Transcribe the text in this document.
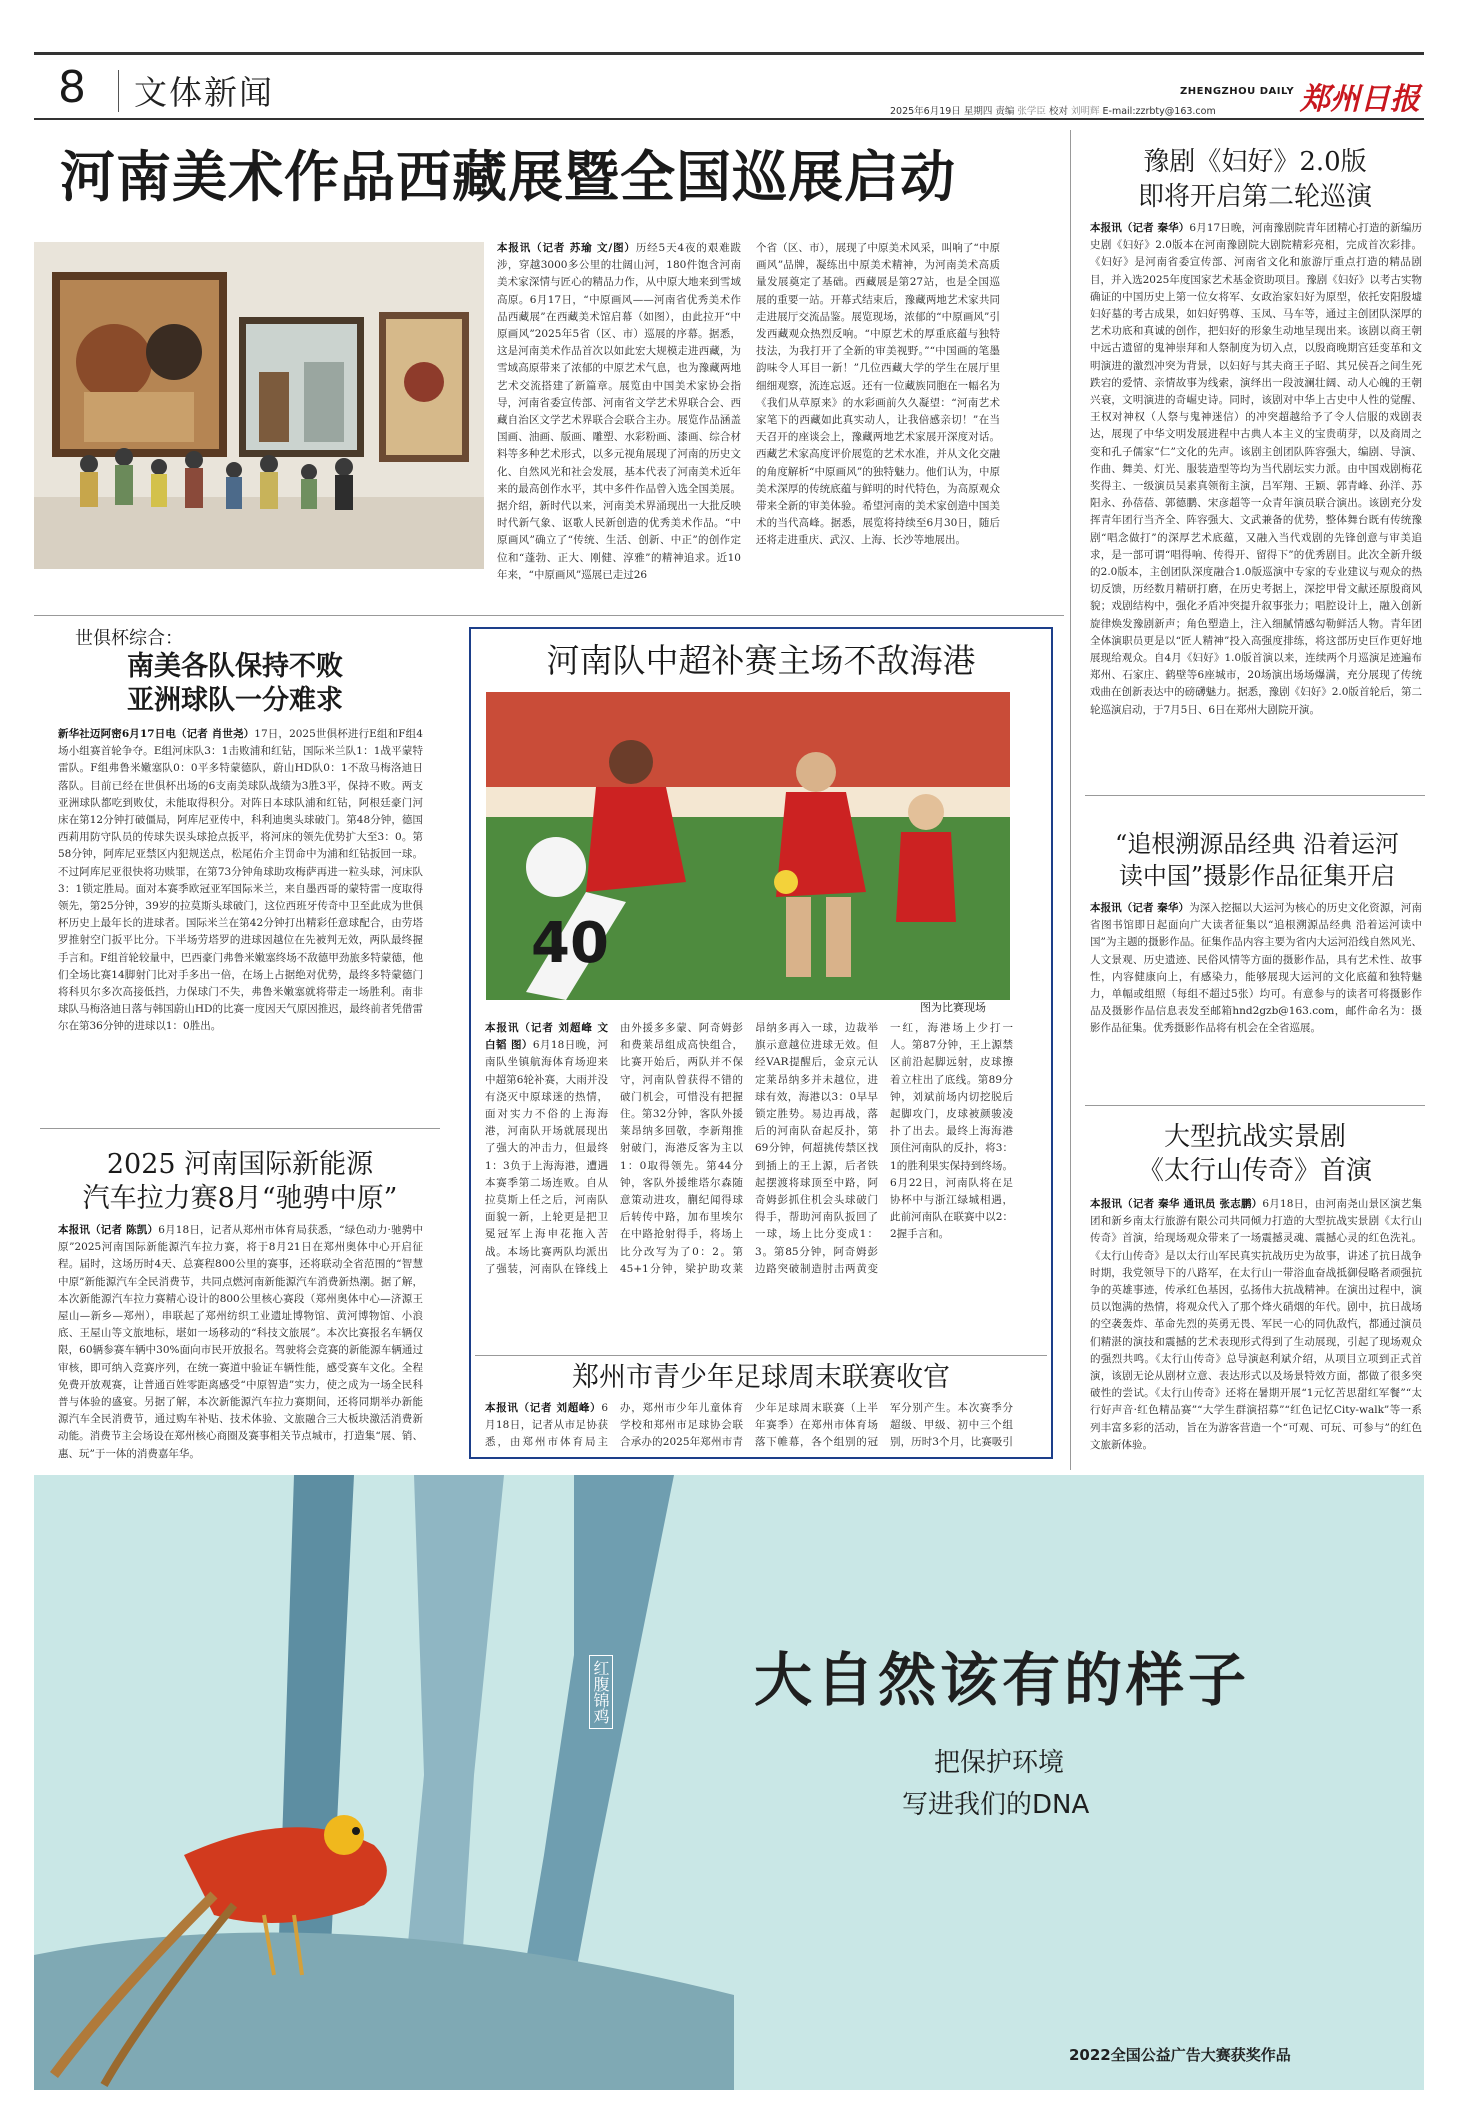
8 文体新闻	ZHENGZHOU DAILY 郑州日报
2025年6月19日 星期四 责编 张学臣 校对 刘明辉 E-mail:zzrbty@163.com
河南美术作品西藏展暨全国巡展启动
本报讯（记者 苏瑜 文/图）历经5天4夜的艰难跋涉，穿越3000多公里的壮阔山河，180件饱含河南美术家深情与匠心的精品力作，从中原大地来到雪域高原。6月17日，“中原画风——河南省优秀美术作品西藏展”在西藏美术馆启幕（如图），由此拉开“中原画风”2025年5省（区、市）巡展的序幕。据悉，这是河南美术作品首次以如此宏大规模走进西藏，为雪域高原带来了浓郁的中原艺术气息，也为豫藏两地艺术交流搭建了新篇章。展览由中国美术家协会指导，河南省委宣传部、河南省文学艺术界联合会、西藏自治区文学艺术界联合会联合主办。展览作品涵盖国画、油画、版画、雕塑、水彩粉画、漆画、综合材料等多种艺术形式，以多元视角展现了河南的历史文化、自然风光和社会发展，基本代表了河南美术近年来的最高创作水平，其中多件作品曾入选全国美展。据介绍，新时代以来，河南美术界涌现出一大批反映时代新气象、讴歌人民新创造的优秀美术作品。“中原画风”确立了“传统、生活、创新、中正”的创作定位和“蓬勃、正大、刚健、淳雅”的精神追求。近10年来，“中原画风”巡展已走过26
个省（区、市），展现了中原美术风采，叫响了“中原画风”品牌，凝练出中原美术精神，为河南美术高质量发展奠定了基础。西藏展是第27站，也是全国巡展的重要一站。开幕式结束后，豫藏两地艺术家共同走进展厅交流品鉴。展览现场，浓郁的“中原画风”引发西藏观众热烈反响。“中原艺术的厚重底蕴与独特技法，为我打开了全新的审美视野。”“中国画的笔墨韵味令人耳目一新！”几位西藏大学的学生在展厅里细细观察，流连忘返。还有一位藏族同胞在一幅名为《我们从草原来》的水彩画前久久凝望：“河南艺术家笔下的西藏如此真实动人，让我倍感亲切！”在当天召开的座谈会上，豫藏两地艺术家展开深度对话。西藏艺术家高度评价展览的艺术水准，并从文化交融的角度解析“中原画风”的独特魅力。他们认为，中原美术深厚的传统底蕴与鲜明的时代特色，为高原观众带来全新的审美体验。希望河南的美术家创造中国美术的当代高峰。据悉，展览将持续至6月30日，随后还将走进重庆、武汉、上海、长沙等地展出。
豫剧《妇好》2.0版
即将开启第二轮巡演
本报讯（记者 秦华）6月17日晚，河南豫剧院青年团精心打造的新编历史剧《妇好》2.0版本在河南豫剧院大剧院精彩亮相，完成首次彩排。《妇好》是河南省委宣传部、河南省文化和旅游厅重点打造的精品剧目，并入选2025年度国家艺术基金资助项目。豫剧《妇好》以考古实物确证的中国历史上第一位女将军、女政治家妇好为原型，依托安阳殷墟妇好墓的考古成果，如妇好鸮尊、玉凤、马车等，通过主创团队深厚的艺术功底和真诚的创作，把妇好的形象生动地呈现出来。该剧以商王朝中远古遗留的鬼神崇拜和人祭制度为切入点，以殷商晚期宫廷变革和文明演进的激烈冲突为背景，以妇好与其夫商王子昭、其兄侯吾之间生死跌宕的爱情、亲情故事为线索，演绎出一段波澜壮阔、动人心魄的王朝兴衰，文明演进的奇崛史诗。同时，该剧对中华上古史中人性的觉醒、王权对神权（人祭与鬼神迷信）的冲突超越给予了令人信服的戏剧表达，展现了中华文明发展进程中古典人本主义的宝贵萌芽，以及商周之变和孔子儒家“仁”文化的先声。该剧主创团队阵容强大，编剧、导演、作曲、舞美、灯光、服装造型等均为当代剧坛实力派。由中国戏剧梅花奖得主、一级演员吴素真领衔主演，吕军翔、王颖、郭青峰、孙洋、苏阳永、孙蓓蓓、郭德鹏、宋彦超等一众青年演员联合演出。该剧充分发挥青年团行当齐全、阵容强大、文武兼备的优势，整体舞台既有传统豫剧“唱念做打”的深厚艺术底蕴，又融入当代戏剧的先锋创意与审美追求，是一部可谓“唱得响、传得开、留得下”的优秀剧目。此次全新升级的2.0版本，主创团队深度融合1.0版巡演中专家的专业建议与观众的热切反馈，历经数月精研打磨，在历史考据上，深挖甲骨文献还原殷商风貌；戏剧结构中，强化矛盾冲突提升叙事张力；唱腔设计上，融入创新旋律焕发豫剧新声；角色塑造上，注入细腻情感勾勒鲜活人物。青年团全体演职员更是以“匠人精神”投入高强度排练，将这部历史巨作更好地展现给观众。自4月《妇好》1.0版首演以来，连续两个月巡演足迹遍布郑州、石家庄、鹤壁等6座城市，20场演出场场爆满，充分展现了传统戏曲在创新表达中的磅礴魅力。据悉，豫剧《妇好》2.0版首轮后，第二轮巡演启动，于7月5日、6日在郑州大剧院开演。
“追根溯源品经典 沿着运河
读中国”摄影作品征集开启
本报讯（记者 秦华）为深入挖掘以大运河为核心的历史文化资源，河南省图书馆即日起面向广大读者征集以“追根溯源品经典 沿着运河读中国”为主题的摄影作品。征集作品内容主要为省内大运河沿线自然风光、人文景观、历史遗迹、民俗风情等方面的摄影作品，具有艺术性、故事性，内容健康向上，有感染力，能够展现大运河的文化底蕴和独特魅力，单幅或组照（每组不超过5张）均可。有意参与的读者可将摄影作品及摄影作品信息表发至邮箱hnd2gzb@163.com，邮件命名为：摄影作品征集。优秀摄影作品将有机会在全省巡展。
大型抗战实景剧
《太行山传奇》首演
本报讯（记者 秦华 通讯员 张志鹏）6月18日，由河南尧山景区演艺集团和新乡南太行旅游有限公司共同倾力打造的大型抗战实景剧《太行山传奇》首演，给现场观众带来了一场震撼灵魂、震撼心灵的红色洗礼。《太行山传奇》是以太行山军民真实抗战历史为故事，讲述了抗日战争时期，我党领导下的八路军，在太行山一带浴血奋战抵御侵略者顽强抗争的英雄事迹，传承红色基因，弘扬伟大抗战精神。在演出过程中，演员以饱满的热情，将观众代入了那个烽火硝烟的年代。剧中，抗日战场的空袭轰炸、革命先烈的英勇无畏、军民一心的同仇敌忾，都通过演员们精湛的演技和震撼的艺术表现形式得到了生动展现，引起了现场观众的强烈共鸣。《太行山传奇》总导演赵利斌介绍，从项目立项到正式首演，该剧无论从剧材立意、表达形式以及场景特效方面，都做了很多突破性的尝试。《太行山传奇》还将在暑期开展“1元忆苦思甜红军餐”“太行好声音·红色精品赛”“大学生群演招募”“红色记忆City-walk”等一系列丰富多彩的活动，旨在为游客营造一个“可观、可玩、可参与”的红色文旅新体验。
世俱杯综合：
南美各队保持不败
亚洲球队一分难求
新华社迈阿密6月17日电（记者 肖世尧）17日，2025世俱杯进行E组和F组4场小组赛首轮争夺。E组河床队3：1击败浦和红钻，国际米兰队1：1战平蒙特雷队。F组弗鲁米嫩塞队0：0平多特蒙德队，蔚山HD队0：1不敌马梅洛迪日落队。目前已经在世俱杯出场的6支南美球队战绩为3胜3平，保持不败。两支亚洲球队都吃到败仗，未能取得积分。对阵日本球队浦和红钻，阿根廷豪门河床在第12分钟打破僵局，阿库尼亚传中，科利迪奥头球破门。第48分钟，德国西莉用防守队员的传球失误头球抢点扳平，将河床的领先优势扩大至3：0。第58分钟，阿库尼亚禁区内犯规送点，松尾佑介主罚命中为浦和红钻扳回一球。不过阿库尼亚很快将功赎罪，在第73分钟角球助攻梅萨再进一粒头球，河床队3：1锁定胜局。面对本赛季欧冠亚军国际米兰，来自墨西哥的蒙特雷一度取得领先，第25分钟，39岁的拉莫斯头球破门，这位西班牙传奇中卫至此成为世俱杯历史上最年长的进球者。国际米兰在第42分钟打出精彩任意球配合，由劳塔罗推射空门扳平比分。下半场劳塔罗的进球因越位在先被判无效，两队最终握手言和。F组首轮较量中，巴西豪门弗鲁米嫩塞终场不敌德甲劲旅多特蒙德，他们全场比赛14脚射门比对手多出一倍，在场上占据绝对优势，最终多特蒙德门将科贝尔多次高接低挡，力保球门不失，弗鲁米嫩塞就将带走一场胜利。南非球队马梅洛迪日落与韩国蔚山HD的比赛一度因天气原因推迟，最终前者凭借雷尔在第36分钟的进球以1：0胜出。
2025 河南国际新能源
汽车拉力赛8月“驰骋中原”
本报讯（记者 陈凯）6月18日，记者从郑州市体育局获悉，“绿色动力·驰骋中原”2025河南国际新能源汽车拉力赛，将于8月21日在郑州奥体中心开启征程。届时，这场历时4天、总赛程800公里的赛事，还将联动全省范围的“智慧中原”新能源汽车全民消费节，共同点燃河南新能源汽车消费新热潮。据了解，本次新能源汽车拉力赛精心设计的800公里核心赛段（郑州奥体中心—济源王屋山—新乡—郑州），串联起了郑州纺织工业遗址博物馆、黄河博物馆、小浪底、王屋山等文旅地标，堪如一场移动的“科技文旅展”。本次比赛报名车辆仅限，60辆参赛车辆中30%面向市民开放报名。驾驶将会竞赛的新能源车辆通过审核，即可纳入竞赛序列，在统一赛道中验证车辆性能，感受赛车文化。全程免费开放观赛，让普通百姓零距离感受“中原智造”实力，使之成为一场全民科普与体验的盛宴。另据了解，本次新能源汽车拉力赛期间，还将同期举办新能源汽车全民消费节，通过购车补贴、技术体验、文旅融合三大板块激活消费新动能。消费节主会场设在郑州核心商圈及赛事相关节点城市，打造集“展、销、惠、玩”于一体的消费嘉年华。
河南队中超补赛主场不敌海港
40
图为比赛现场
本报讯（记者 刘超峰 文 白韬 图）6月18日晚，河南队坐镇航海体育场迎来中超第6轮补赛，大雨并没有浇灭中原球迷的热情，面对实力不俗的上海海港，河南队开场就展现出了强大的冲击力，但最终1：3负于上海海港，遭遇本赛季第二场连败。自从拉莫斯上任之后，河南队面貌一新，上轮更是把卫冕冠军上海申花拖入苦战。本场比赛两队均派出了强装，河南队在锋线上由外援多多蒙、阿奇姆彭和费莱昂组成高快组合，比赛开始后，两队并不保守，河南队曾获得不错的破门机会，可惜没有把握住。第32分钟，客队外援莱昂纳多回敬，李新翔推射破门，海港反客为主以1：0取得领先。第44分钟，客队外援维塔尔森随意策动进攻，蒯纪闻得球后转传中路，加布里埃尔在中路抢射得手，将场上比分改写为了0：2。第45+1分钟，梁护助攻莱昂纳多再入一球，边裁举旗示意越位进球无效。但经VAR提醒后，金京元认定莱昂纳多并未越位，进球有效，海港以3：0早早锁定胜势。易边再战，落后的河南队奋起反扑，第69分钟，何超挑传禁区找到插上的王上源，后者铁起摆渡将球顶至中路，阿奇姆彭抓住机会头球破门得手，帮助河南队扳回了一球，场上比分变成1：3。第85分钟，阿奇姆彭边路突破制造肘击两黄变一红，海港场上少打一人。第87分钟，王上源禁区前沿起脚远射，皮球擦着立柱出了底线。第89分钟，刘斌前场内切挖脱后起脚攻门，皮球被颜骏凌扑了出去。最终上海海港顶住河南队的反扑，将3：1的胜利果实保持到终场。6月22日，河南队将在足协杯中与浙江绿城相遇，此前河南队在联赛中以2：2握手言和。
郑州市青少年足球周末联赛收官
本报讯（记者 刘超峰）6月18日，记者从市足协获悉，由郑州市体育局主办，郑州市少年儿童体育学校和郑州市足球协会联合承办的2025年郑州市青少年足球周末联赛（上半年赛季）在郑州市体育场落下帷幕，各个组别的冠军分别产生。本次赛季分超级、甲级、初中三个组别，历时3个月，比赛吸引
红腹锦鸡 大自然该有的样子
把保护环境
写进我们的DNA
2022全国公益广告大赛获奖作品
